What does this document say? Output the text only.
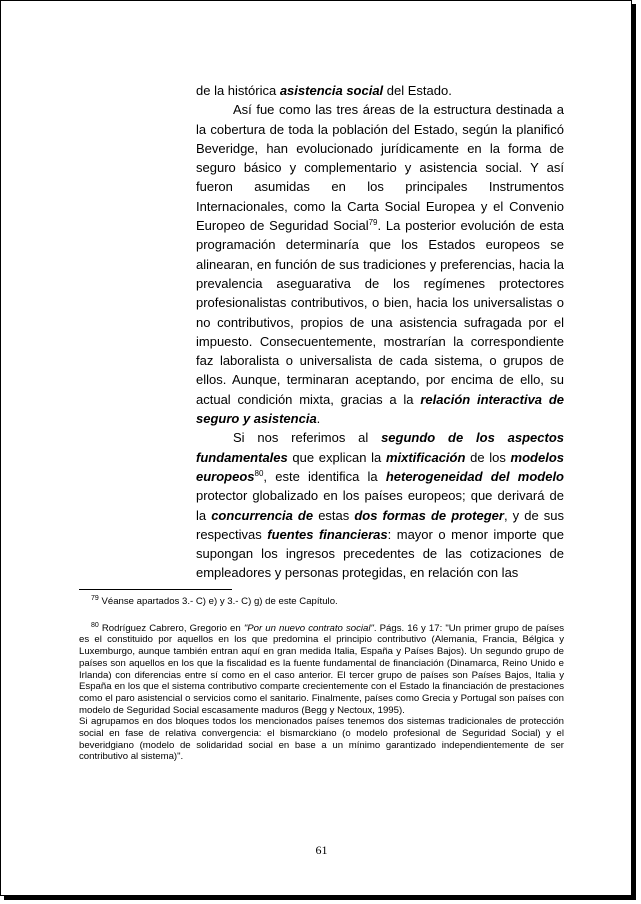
de la histórica asistencia social del Estado.

Así fue como las tres áreas de la estructura destinada a la cobertura de toda la población del Estado, según la planificó Beveridge, han evolucionado jurídicamente en la forma de seguro básico y complementario y asistencia social. Y así fueron asumidas en los principales Instrumentos Internacionales, como la Carta Social Europea y el Convenio Europeo de Seguridad Social$^{79}$. La posterior evolución de esta programación determinaría que los Estados europeos se alinearan, en función de sus tradiciones y preferencias, hacia la prevalencia aseguarativa de los regímenes protectores profesionalistas contributivos, o bien, hacia los universalistas o no contributivos, propios de una asistencia sufragada por el impuesto. Consecuentemente, mostrarían la correspondiente faz laboralista o universalista de cada sistema, o grupos de ellos. Aunque, terminaran aceptando, por encima de ello, su actual condición mixta, gracias a la relación interactiva de seguro y asistencia.

Si nos referimos al segundo de los aspectos fundamentales que explican la mixtificación de los modelos europeos$^{80}$, este identifica la heterogeneidad del modelo protector globalizado en los países europeos; que derivará de la concurrencia de estas dos formas de proteger, y de sus respectivas fuentes financieras: mayor o menor importe que supongan los ingresos precedentes de las cotizaciones de empleadores y personas protegidas, en relación con las

$^{79}$ Véanse apartados 3.- C) e) y 3.- C) g) de este Capítulo.

$^{80}$ Rodríguez Cabrero, Gregorio en "Por un nuevo contrato social". Págs. 16 y 17: "Un primer grupo de países es el constituido por aquellos en los que predomina el principio contributivo (Alemania, Francia, Bélgica y Luxemburgo, aunque también entran aquí en gran medida Italia, España y Países Bajos). Un segundo grupo de países son aquellos en los que la fiscalidad es la fuente fundamental de financiación (Dinamarca, Reino Unido e Irlanda) con diferencias entre sí como en el caso anterior. El tercer grupo de países son Países Bajos, Italia y España en los que el sistema contributivo comparte crecientemente con el Estado la financiación de prestaciones como el paro asistencial o servicios como el sanitario. Finalmente, países como Grecia y Portugal son países con modelo de Seguridad Social escasamente maduros (Begg y Nectoux, 1995).

Si agrupamos en dos bloques todos los mencionados países tenemos dos sistemas tradicionales de protección social en fase de relativa convergencia: el bismarckiano (o modelo profesional de Seguridad Social) y el beveridgiano (modelo de solidaridad social en base a un mínimo garantizado independientemente de ser contributivo al sistema)".

61
